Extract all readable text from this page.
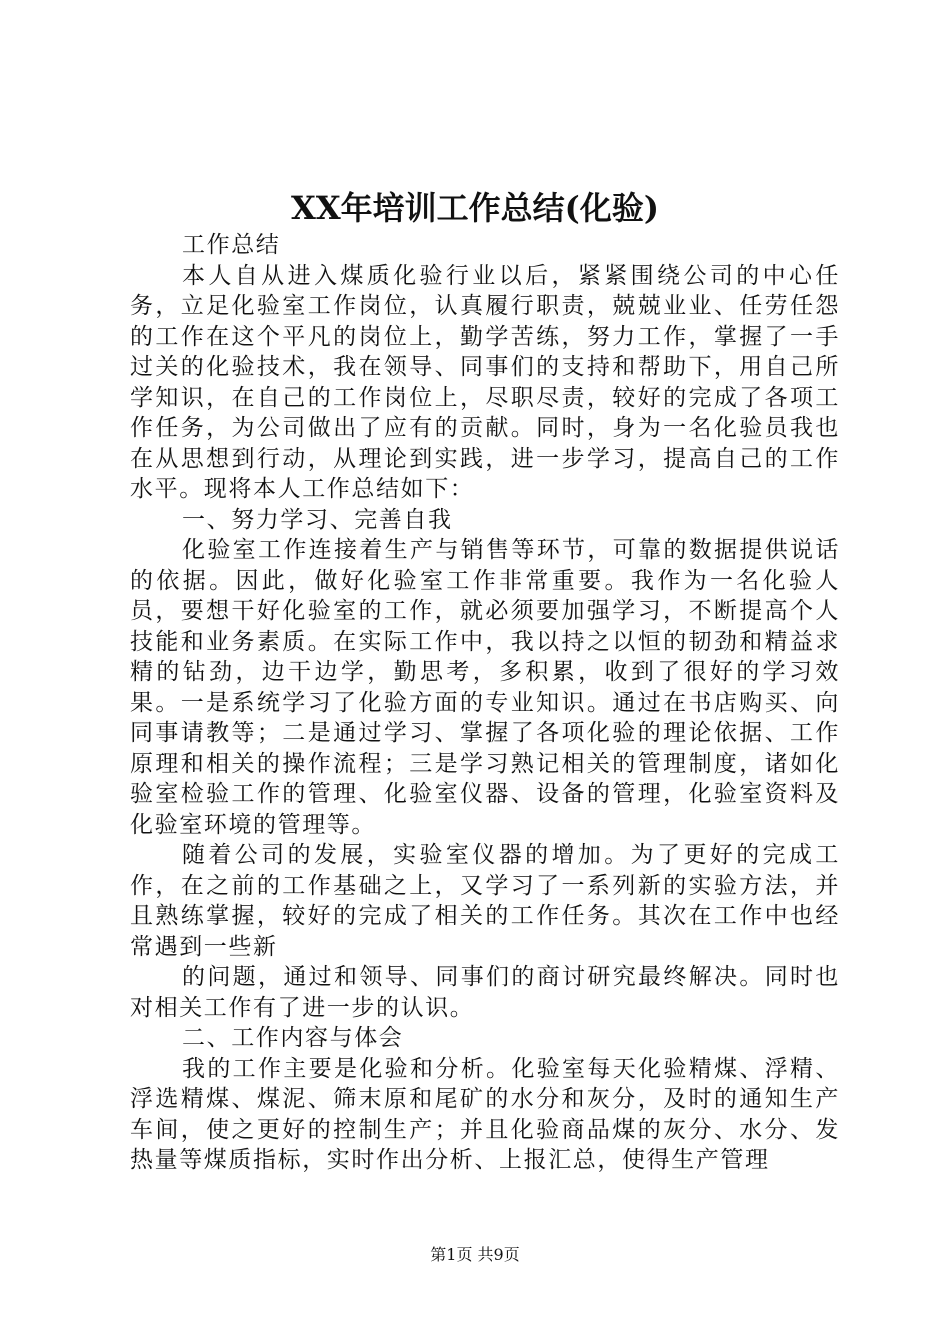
XX年培训工作总结(化验)

工作总结

本人自从进入煤质化验行业以后，紧紧围绕公司的中心任务，立足化验室工作岗位，认真履行职责，兢兢业业、任劳任怨的工作在这个平凡的岗位上，勤学苦练，努力工作，掌握了一手过关的化验技术，我在领导、同事们的支持和帮助下，用自己所学知识，在自己的工作岗位上，尽职尽责，较好的完成了各项工作任务，为公司做出了应有的贡献。同时，身为一名化验员我也在从思想到行动，从理论到实践，进一步学习，提高自己的工作水平。现将本人工作总结如下：

一、努力学习、完善自我

化验室工作连接着生产与销售等环节，可靠的数据提供说话的依据。因此，做好化验室工作非常重要。我作为一名化验人员，要想干好化验室的工作，就必须要加强学习，不断提高个人技能和业务素质。在实际工作中，我以持之以恒的韧劲和精益求精的钻劲，边干边学，勤思考，多积累，收到了很好的学习效果。一是系统学习了化验方面的专业知识。通过在书店购买、向同事请教等；二是通过学习、掌握了各项化验的理论依据、工作原理和相关的操作流程；三是学习熟记相关的管理制度，诸如化验室检验工作的管理、化验室仪器、设备的管理，化验室资料及化验室环境的管理等。

随着公司的发展，实验室仪器的增加。为了更好的完成工作，在之前的工作基础之上，又学习了一系列新的实验方法，并且熟练掌握，较好的完成了相关的工作任务。其次在工作中也经常遇到一些新

的问题，通过和领导、同事们的商讨研究最终解决。同时也对相关工作有了进一步的认识。

二、工作内容与体会

我的工作主要是化验和分析。化验室每天化验精煤、浮精、浮选精煤、煤泥、筛末原和尾矿的水分和灰分，及时的通知生产车间，使之更好的控制生产；并且化验商品煤的灰分、水分、发热量等煤质指标，实时作出分析、上报汇总，使得生产管理

第1页 共9页
